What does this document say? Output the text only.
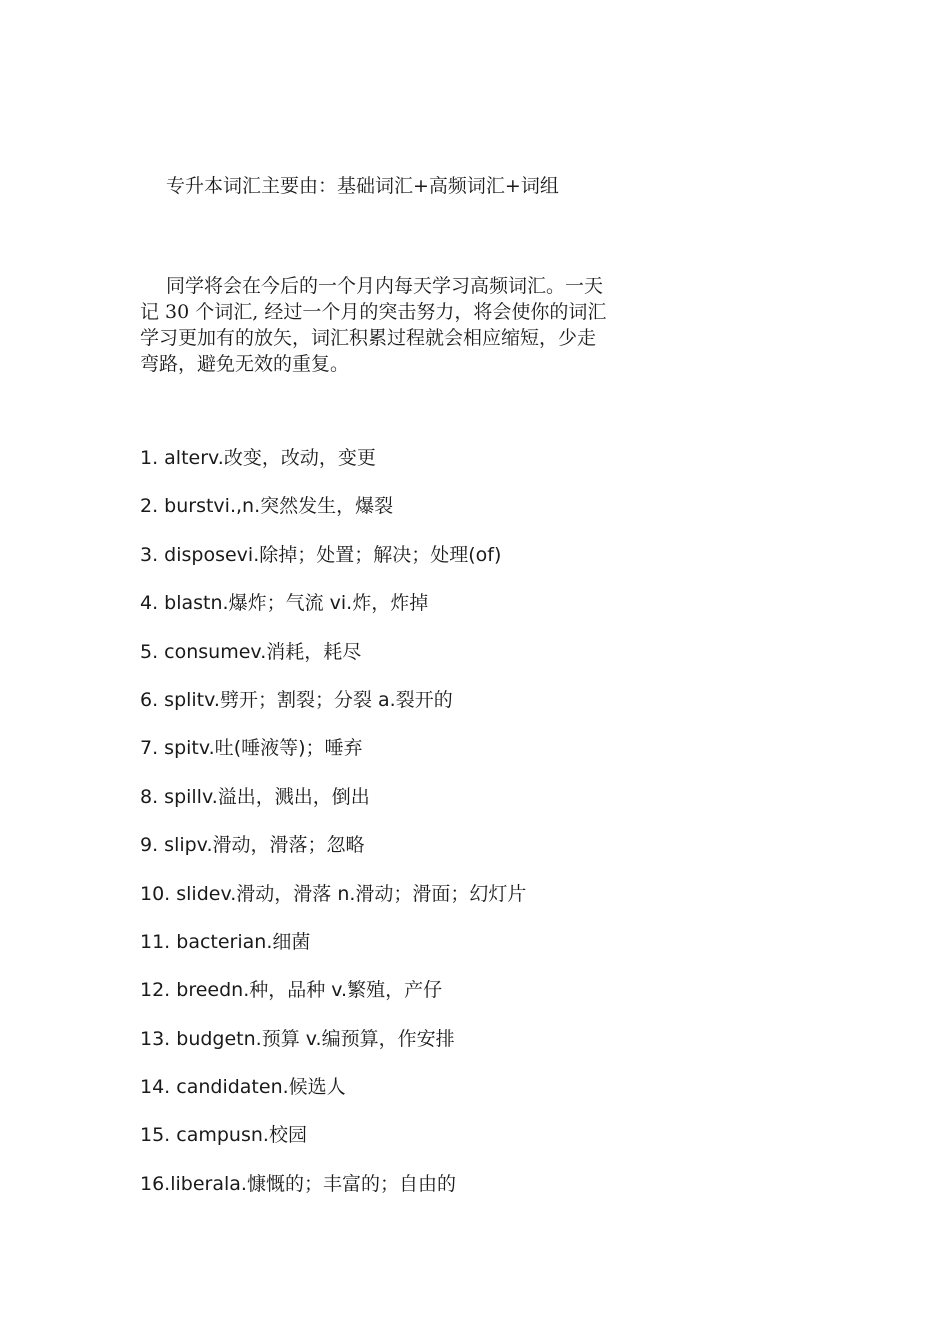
专升本词汇主要由：基础词汇+高频词汇+词组
同学将会在今后的一个月内每天学习高频词汇。一天
记 30 个词汇, 经过一个月的突击努力，将会使你的词汇
学习更加有的放矢，词汇积累过程就会相应缩短，少走
弯路，避免无效的重复。
1. alterv.改变，改动，变更
2. burstvi.,n.突然发生，爆裂
3. disposevi.除掉；处置；解决；处理(of)
4. blastn.爆炸；气流 vi.炸，炸掉
5. consumev.消耗，耗尽
6. splitv.劈开；割裂；分裂 a.裂开的
7. spitv.吐(唾液等)；唾弃
8. spillv.溢出，溅出，倒出
9. slipv.滑动，滑落；忽略
10. slidev.滑动，滑落 n.滑动；滑面；幻灯片
11. bacterian.细菌
12. breedn.种，品种 v.繁殖，产仔
13. budgetn.预算 v.编预算，作安排
14. candidaten.候选人
15. campusn.校园
16.liberala.慷慨的；丰富的；自由的
